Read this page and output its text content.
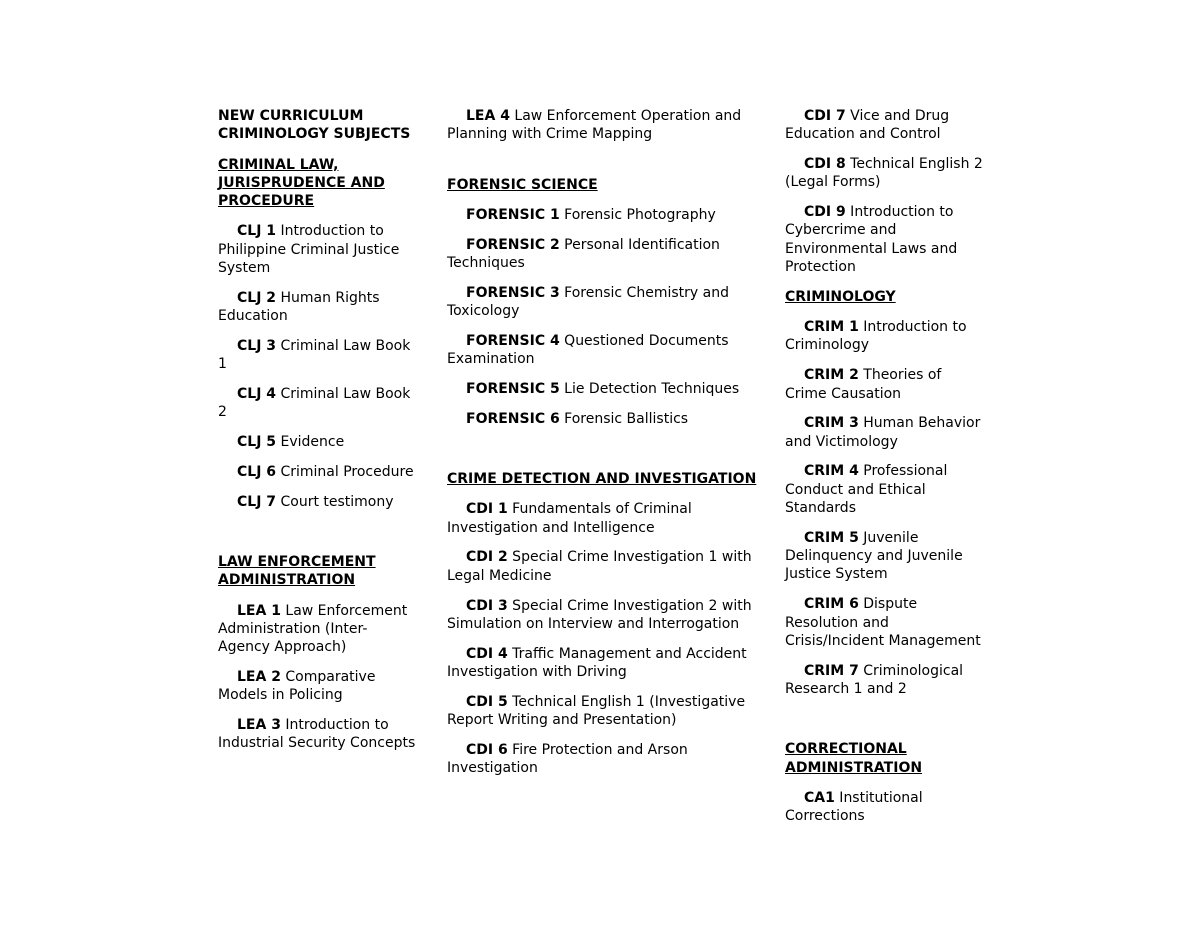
NEW CURRICULUM CRIMINOLOGY SUBJECTS
CRIMINAL LAW, JURISPRUDENCE AND PROCEDURE
CLJ 1 Introduction to Philippine Criminal Justice System
CLJ 2 Human Rights Education
CLJ 3 Criminal Law Book 1
CLJ 4 Criminal Law Book 2
CLJ 5 Evidence
CLJ 6 Criminal Procedure
CLJ 7 Court testimony
LAW ENFORCEMENT ADMINISTRATION
LEA 1 Law Enforcement Administration (Inter-Agency Approach)
LEA 2 Comparative Models in Policing
LEA 3 Introduction to Industrial Security Concepts
LEA 4 Law Enforcement Operation and Planning with Crime Mapping
FORENSIC SCIENCE
FORENSIC 1 Forensic Photography
FORENSIC 2 Personal Identification Techniques
FORENSIC 3 Forensic Chemistry and Toxicology
FORENSIC 4 Questioned Documents Examination
FORENSIC 5 Lie Detection Techniques
FORENSIC 6 Forensic Ballistics
CRIME DETECTION AND INVESTIGATION
CDI 1 Fundamentals of Criminal Investigation and Intelligence
CDI 2 Special Crime Investigation 1 with Legal Medicine
CDI 3 Special Crime Investigation 2 with Simulation on Interview and Interrogation
CDI 4 Traffic Management and Accident Investigation with Driving
CDI 5 Technical English 1 (Investigative Report Writing and Presentation)
CDI 6 Fire Protection and Arson Investigation
CDI 7 Vice and Drug Education and Control
CDI 8 Technical English 2 (Legal Forms)
CDI 9 Introduction to Cybercrime and Environmental Laws and Protection
CRIMINOLOGY
CRIM 1 Introduction to Criminology
CRIM 2 Theories of Crime Causation
CRIM 3 Human Behavior and Victimology
CRIM 4 Professional Conduct and Ethical Standards
CRIM 5 Juvenile Delinquency and Juvenile Justice System
CRIM 6 Dispute Resolution and Crisis/Incident Management
CRIM 7 Criminological Research 1 and 2
CORRECTIONAL ADMINISTRATION
CA1 Institutional Corrections
